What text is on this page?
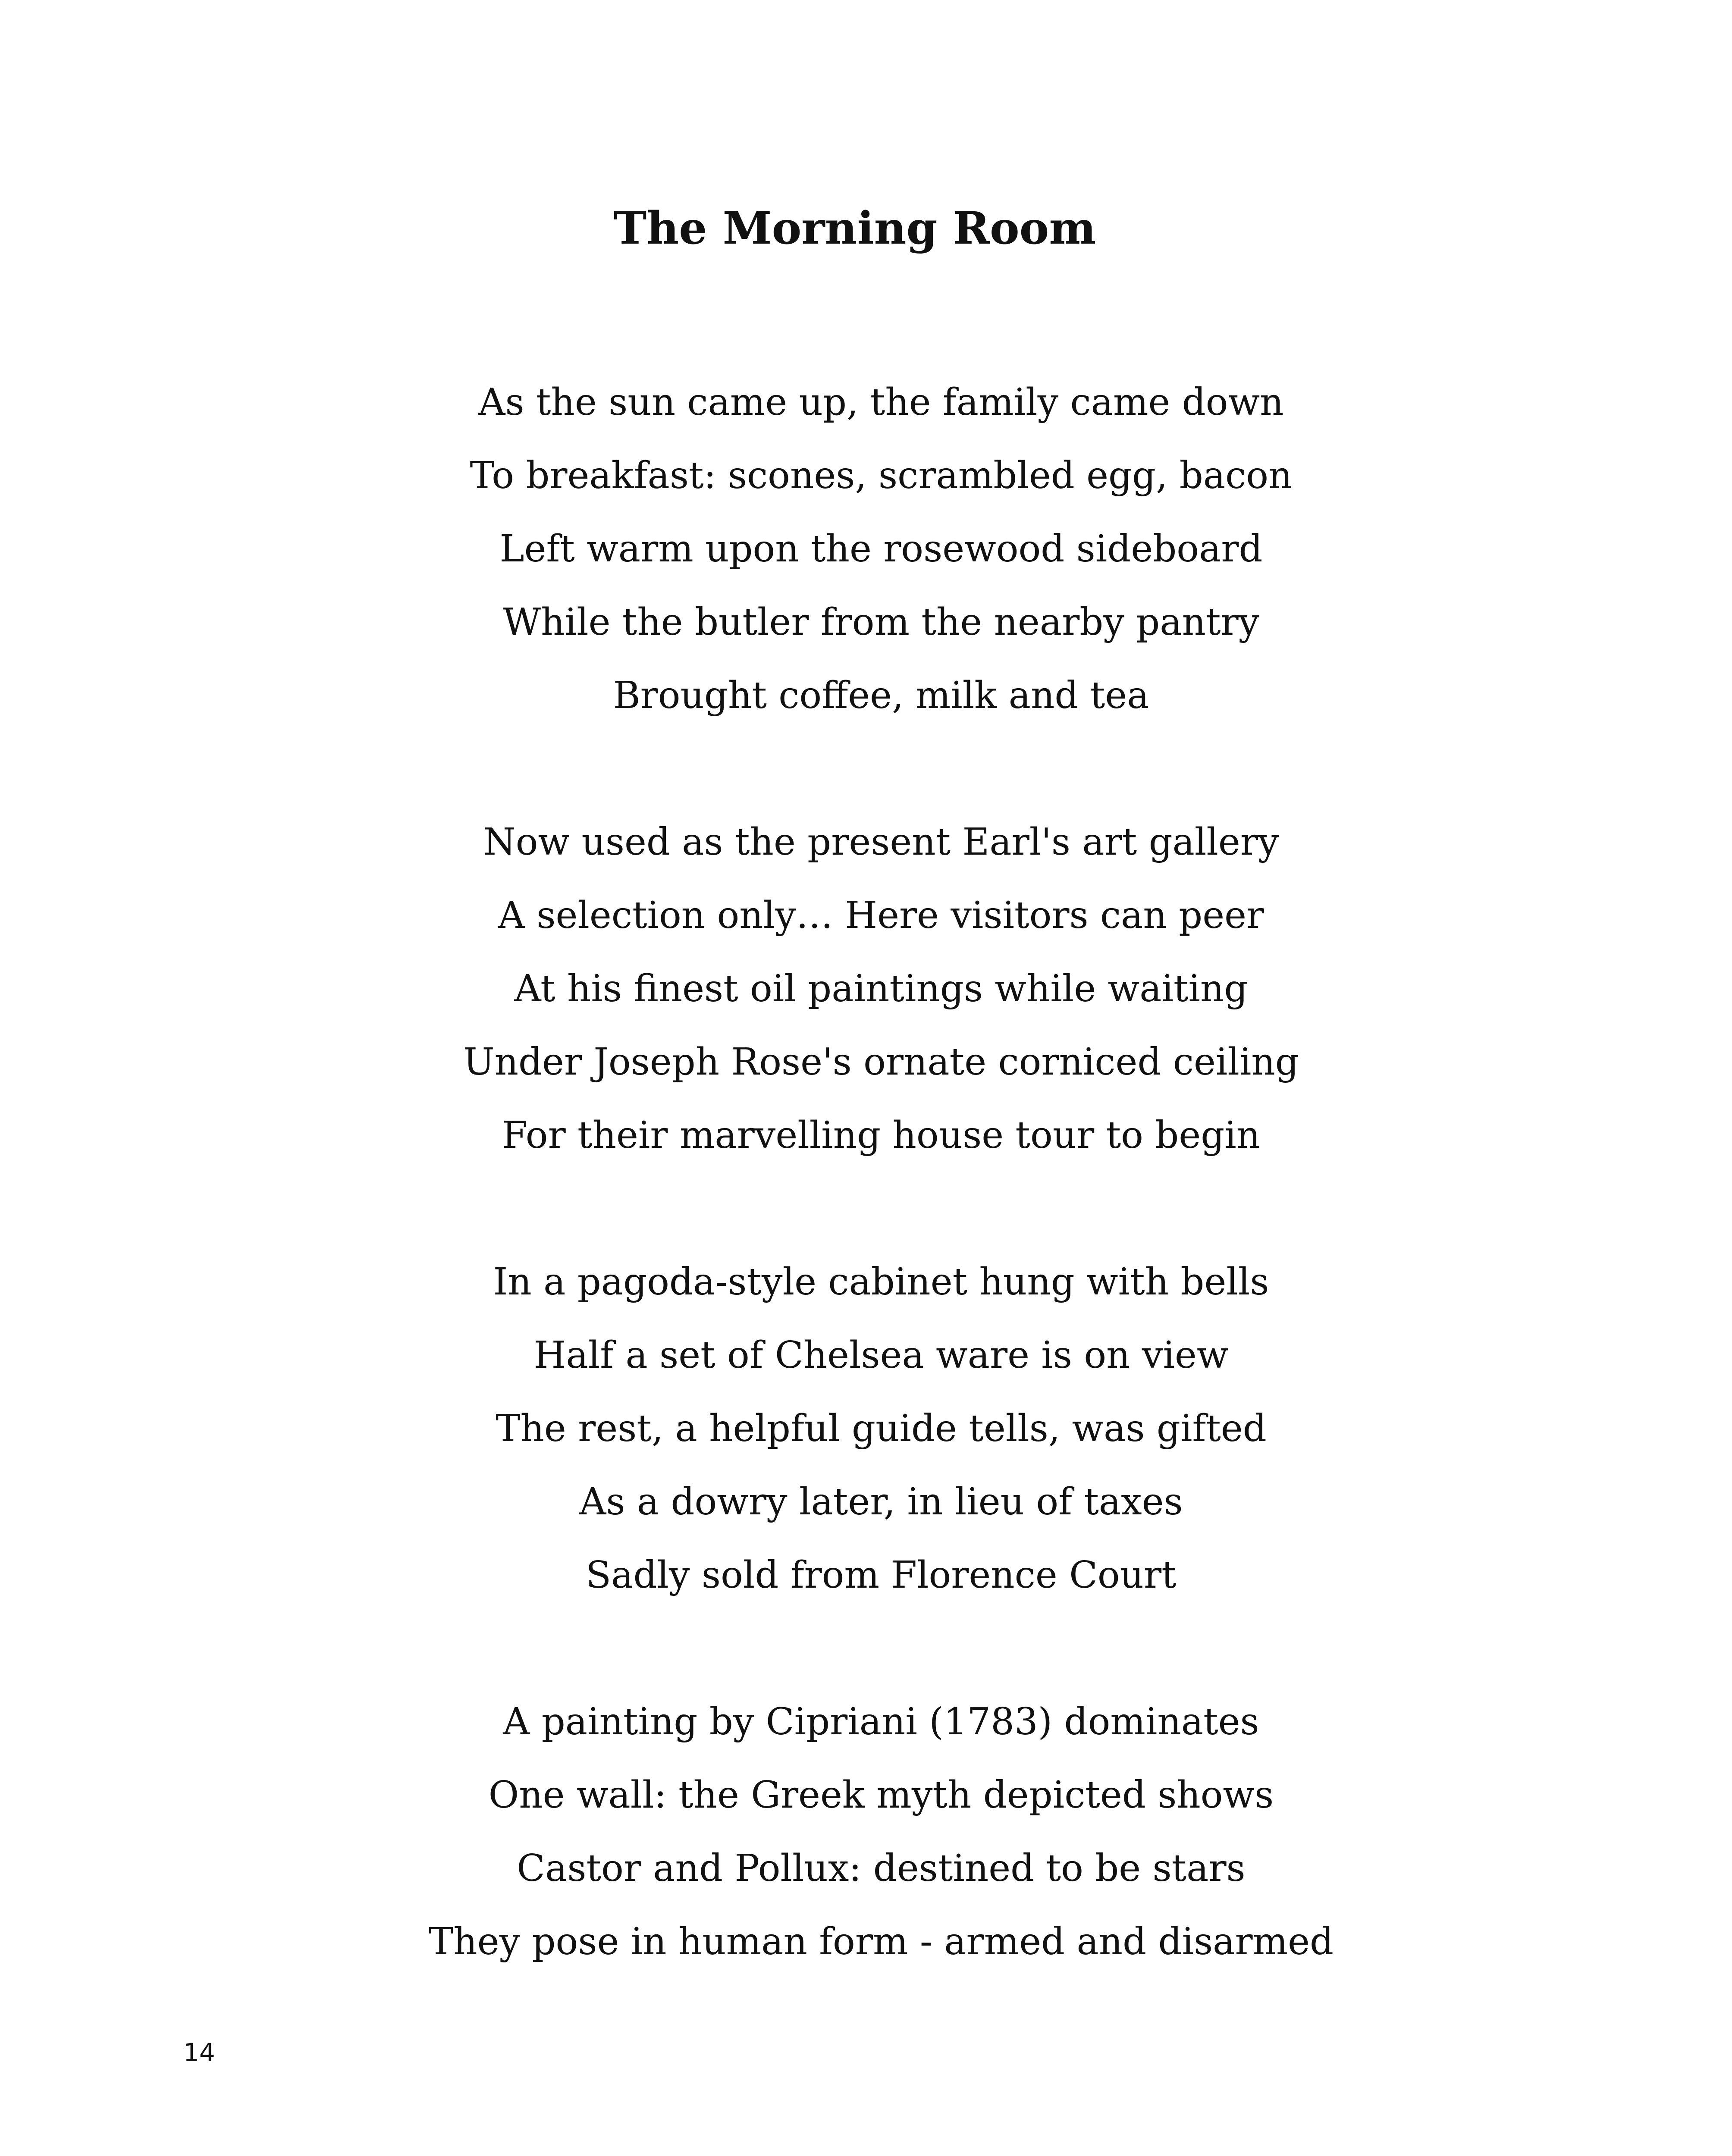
The Morning Room
As the sun came up, the family came down
To breakfast: scones, scrambled egg, bacon
Left warm upon the rosewood sideboard
While the butler from the nearby pantry
Brought coffee, milk and tea
Now used as the present Earl's art gallery
A selection only… Here visitors can peer
At his finest oil paintings while waiting
Under Joseph Rose's ornate corniced ceiling
For their marvelling house tour to begin
In a pagoda-style cabinet hung with bells
Half a set of Chelsea ware is on view
The rest, a helpful guide tells, was gifted
As a dowry later, in lieu of taxes
Sadly sold from Florence Court
A painting by Cipriani (1783) dominates
One wall: the Greek myth depicted shows
Castor and Pollux: destined to be stars
They pose in human form - armed and disarmed
14
